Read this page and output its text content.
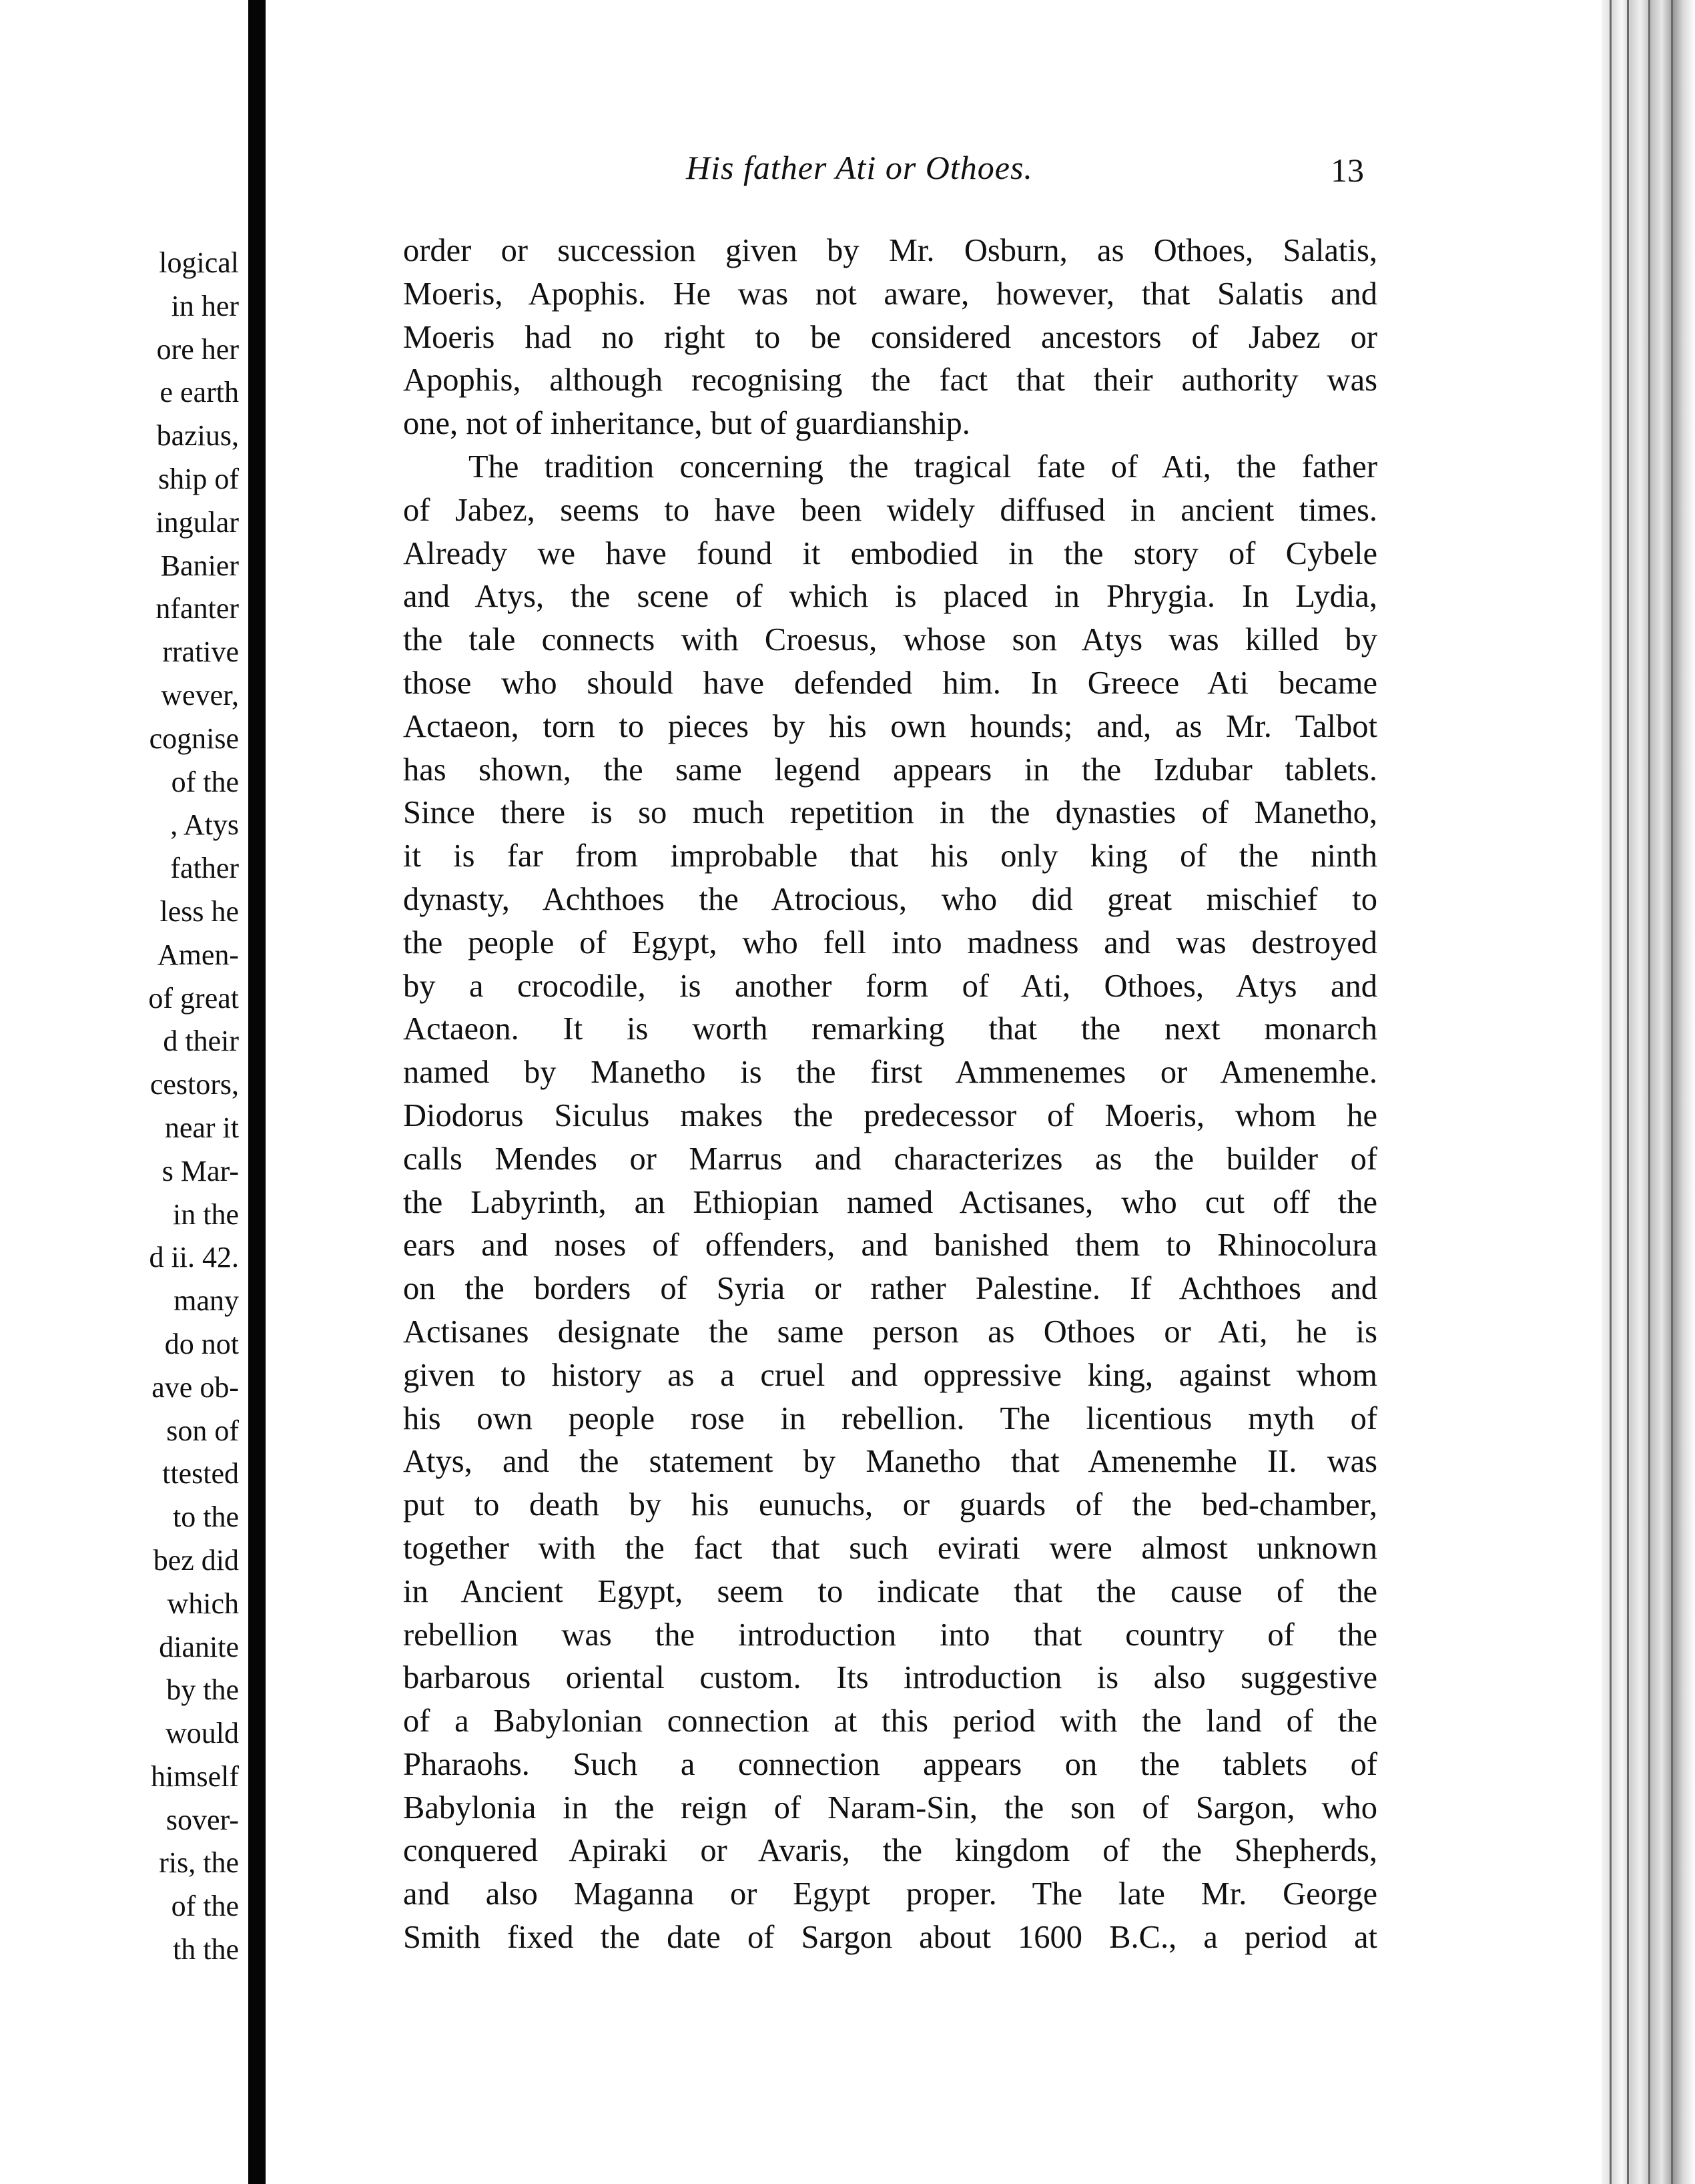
logical
in her
ore her
e earth
bazius,
ship of
ingular
Banier
nfanter
rrative
wever,
cognise
of the
, Atys
father
less he
Amen-
of great
d their
cestors,
near it
s Mar-
in the
d ii. 42.
many
do not
ave ob-
son of
ttested
to the
bez did
which
dianite
by the
would
himself
sover-
ris, the
of the
th the
His father Ati or Othoes.	13
order or succession given by Mr. Osburn, as Othoes, Salatis,
Moeris, Apophis. He was not aware, however, that Salatis and
Moeris had no right to be considered ancestors of Jabez or
Apophis, although recognising the fact that their authority was
one, not of inheritance, but of guardianship.
The tradition concerning the tragical fate of Ati, the father
of Jabez, seems to have been widely diffused in ancient times.
Already we have found it embodied in the story of Cybele
and Atys, the scene of which is placed in Phrygia. In Lydia,
the tale connects with Croesus, whose son Atys was killed by
those who should have defended him. In Greece Ati became
Actaeon, torn to pieces by his own hounds; and, as Mr. Talbot
has shown, the same legend appears in the Izdubar tablets.
Since there is so much repetition in the dynasties of Manetho,
it is far from improbable that his only king of the ninth
dynasty, Achthoes the Atrocious, who did great mischief to
the people of Egypt, who fell into madness and was destroyed
by a crocodile, is another form of Ati, Othoes, Atys and
Actaeon. It is worth remarking that the next monarch
named by Manetho is the first Ammenemes or Amenemhe.
Diodorus Siculus makes the predecessor of Moeris, whom he
calls Mendes or Marrus and characterizes as the builder of
the Labyrinth, an Ethiopian named Actisanes, who cut off the
ears and noses of offenders, and banished them to Rhinocolura
on the borders of Syria or rather Palestine. If Achthoes and
Actisanes designate the same person as Othoes or Ati, he is
given to history as a cruel and oppressive king, against whom
his own people rose in rebellion. The licentious myth of
Atys, and the statement by Manetho that Amenemhe II. was
put to death by his eunuchs, or guards of the bed-chamber,
together with the fact that such evirati were almost unknown
in Ancient Egypt, seem to indicate that the cause of the
rebellion was the introduction into that country of the
barbarous oriental custom. Its introduction is also suggestive
of a Babylonian connection at this period with the land of the
Pharaohs. Such a connection appears on the tablets of
Babylonia in the reign of Naram-Sin, the son of Sargon, who
conquered Apiraki or Avaris, the kingdom of the Shepherds,
and also Maganna or Egypt proper. The late Mr. George
Smith fixed the date of Sargon about 1600 B.C., a period at
